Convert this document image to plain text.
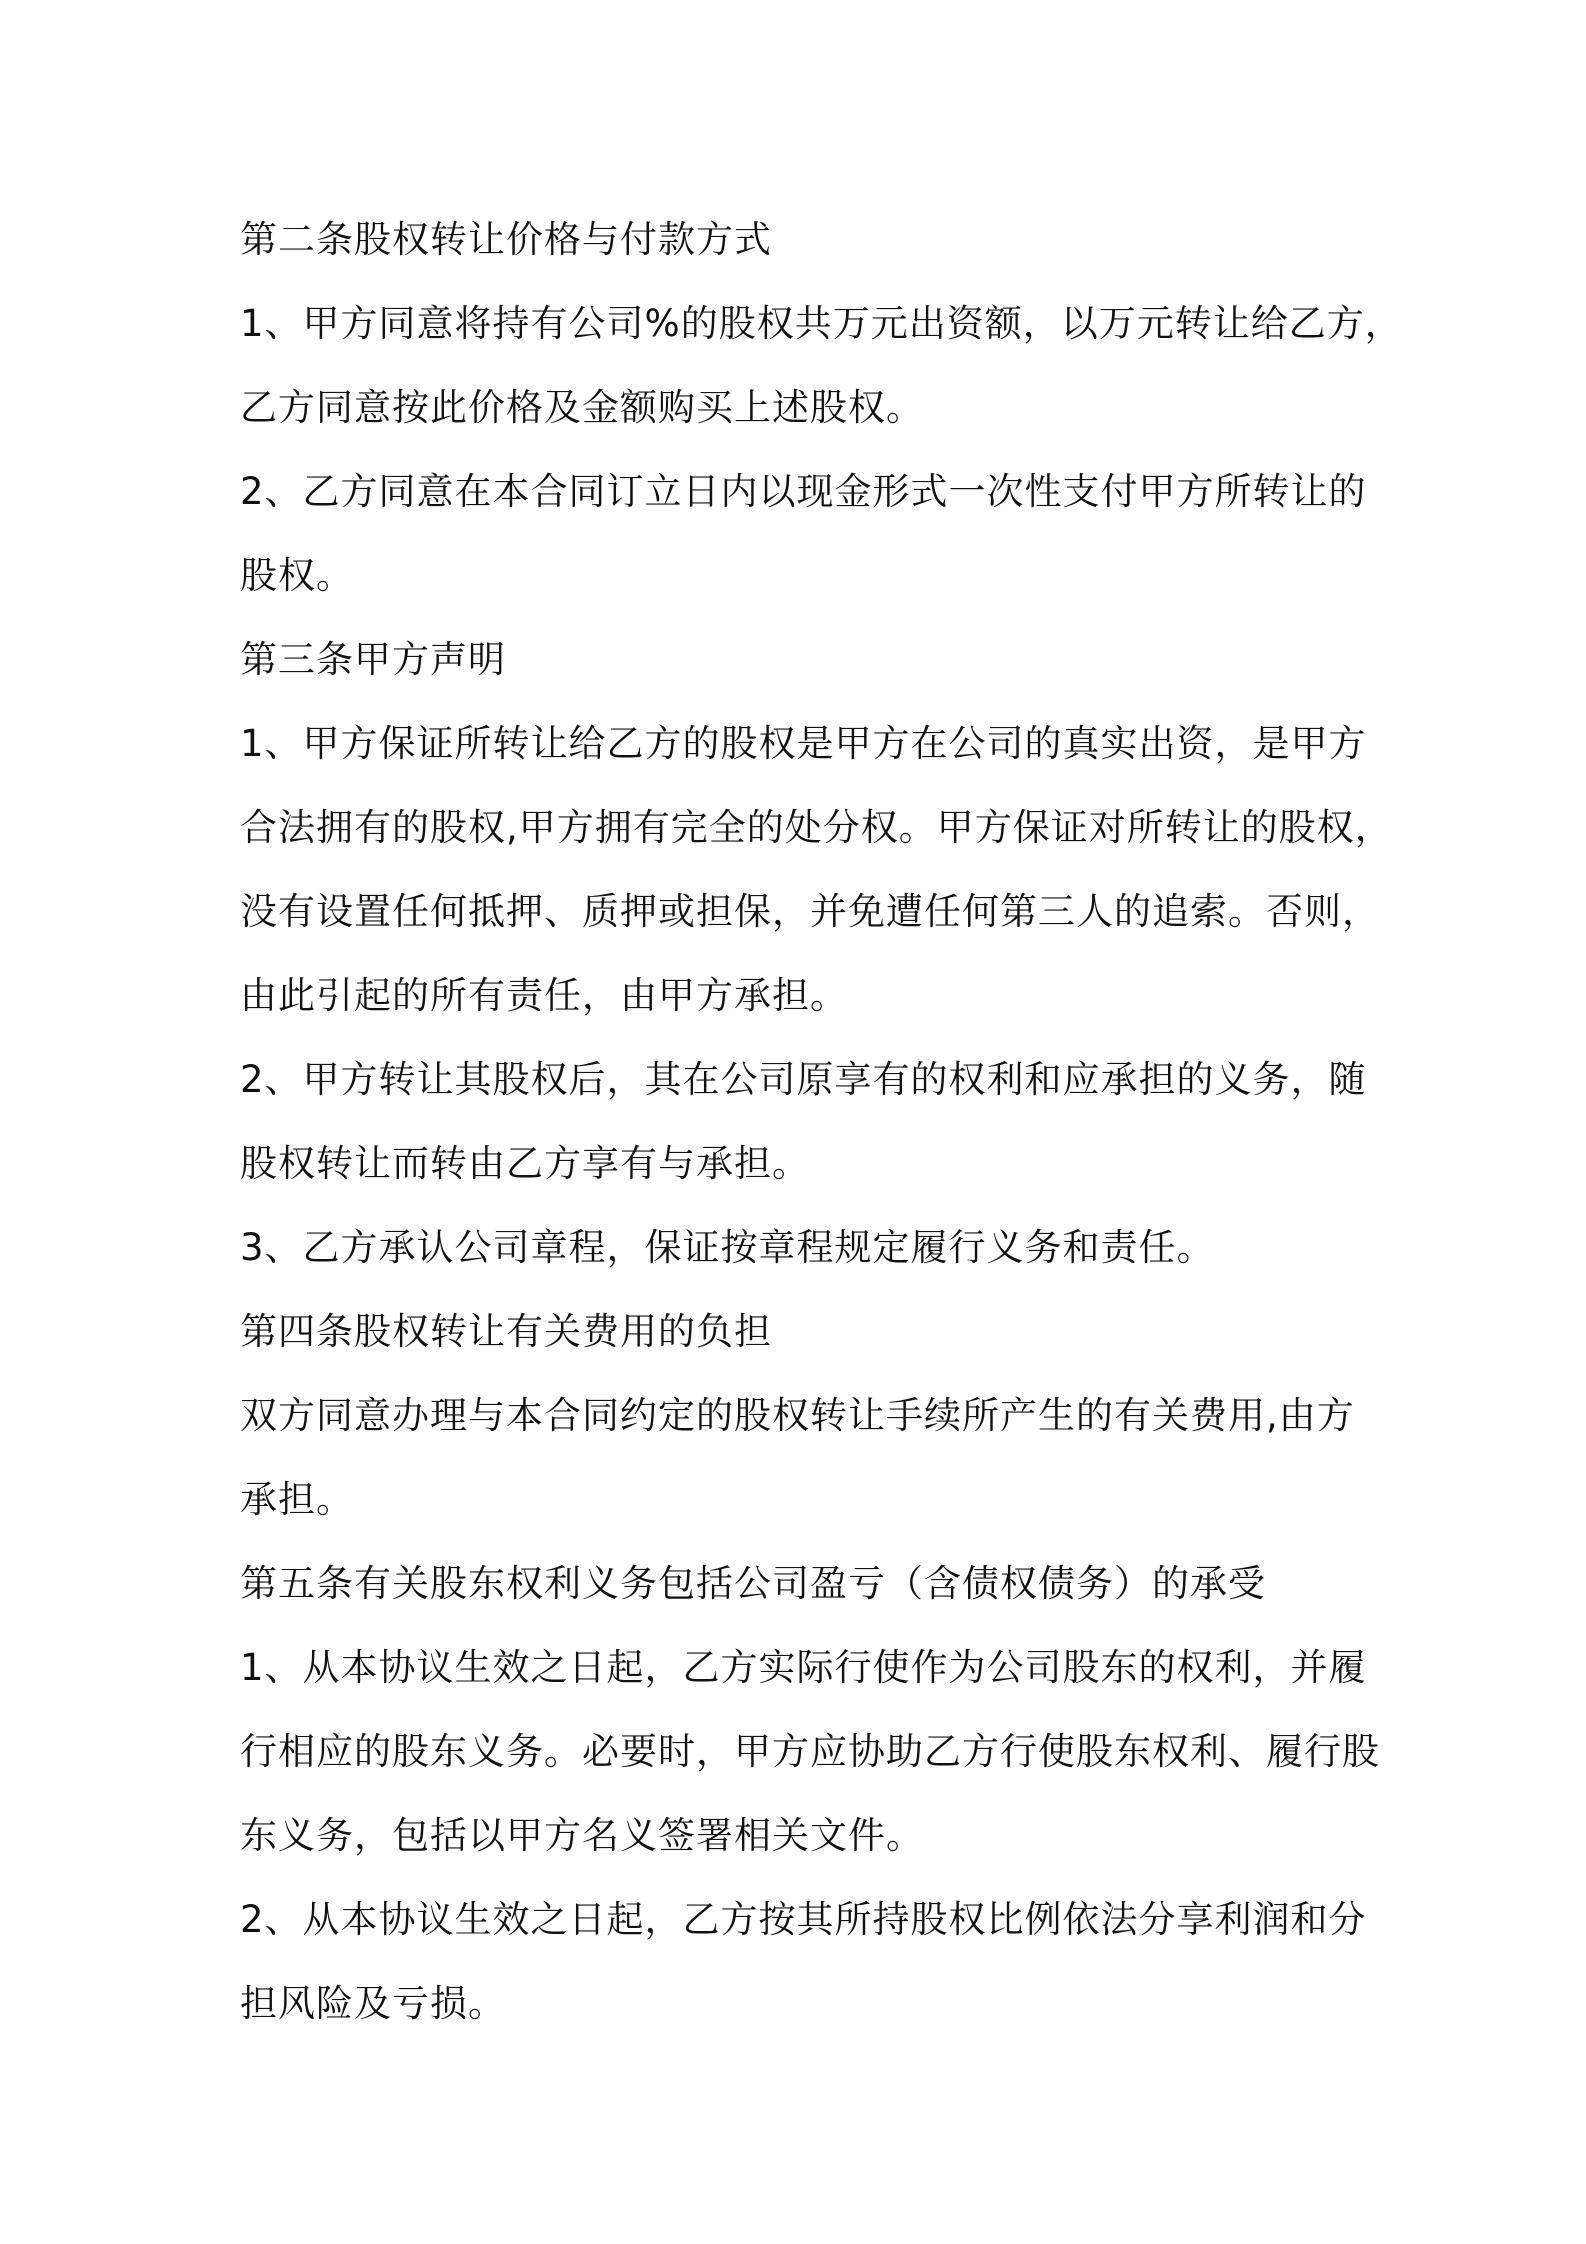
第二条股权转让价格与付款方式
1、甲方同意将持有公司%的股权共万元出资额，以万元转让给乙方，
乙方同意按此价格及金额购买上述股权。
2、乙方同意在本合同订立日内以现金形式一次性支付甲方所转让的
股权。
第三条甲方声明
1、甲方保证所转让给乙方的股权是甲方在公司的真实出资，是甲方
合法拥有的股权,甲方拥有完全的处分权。甲方保证对所转让的股权，
没有设置任何抵押、质押或担保，并免遭任何第三人的追索。否则，
由此引起的所有责任，由甲方承担。
2、甲方转让其股权后，其在公司原享有的权利和应承担的义务，随
股权转让而转由乙方享有与承担。
3、乙方承认公司章程，保证按章程规定履行义务和责任。
第四条股权转让有关费用的负担
双方同意办理与本合同约定的股权转让手续所产生的有关费用,由方
承担。
第五条有关股东权利义务包括公司盈亏（含债权债务）的承受
1、从本协议生效之日起，乙方实际行使作为公司股东的权利，并履
行相应的股东义务。必要时，甲方应协助乙方行使股东权利、履行股
东义务，包括以甲方名义签署相关文件。
2、从本协议生效之日起，乙方按其所持股权比例依法分享利润和分
担风险及亏损。
